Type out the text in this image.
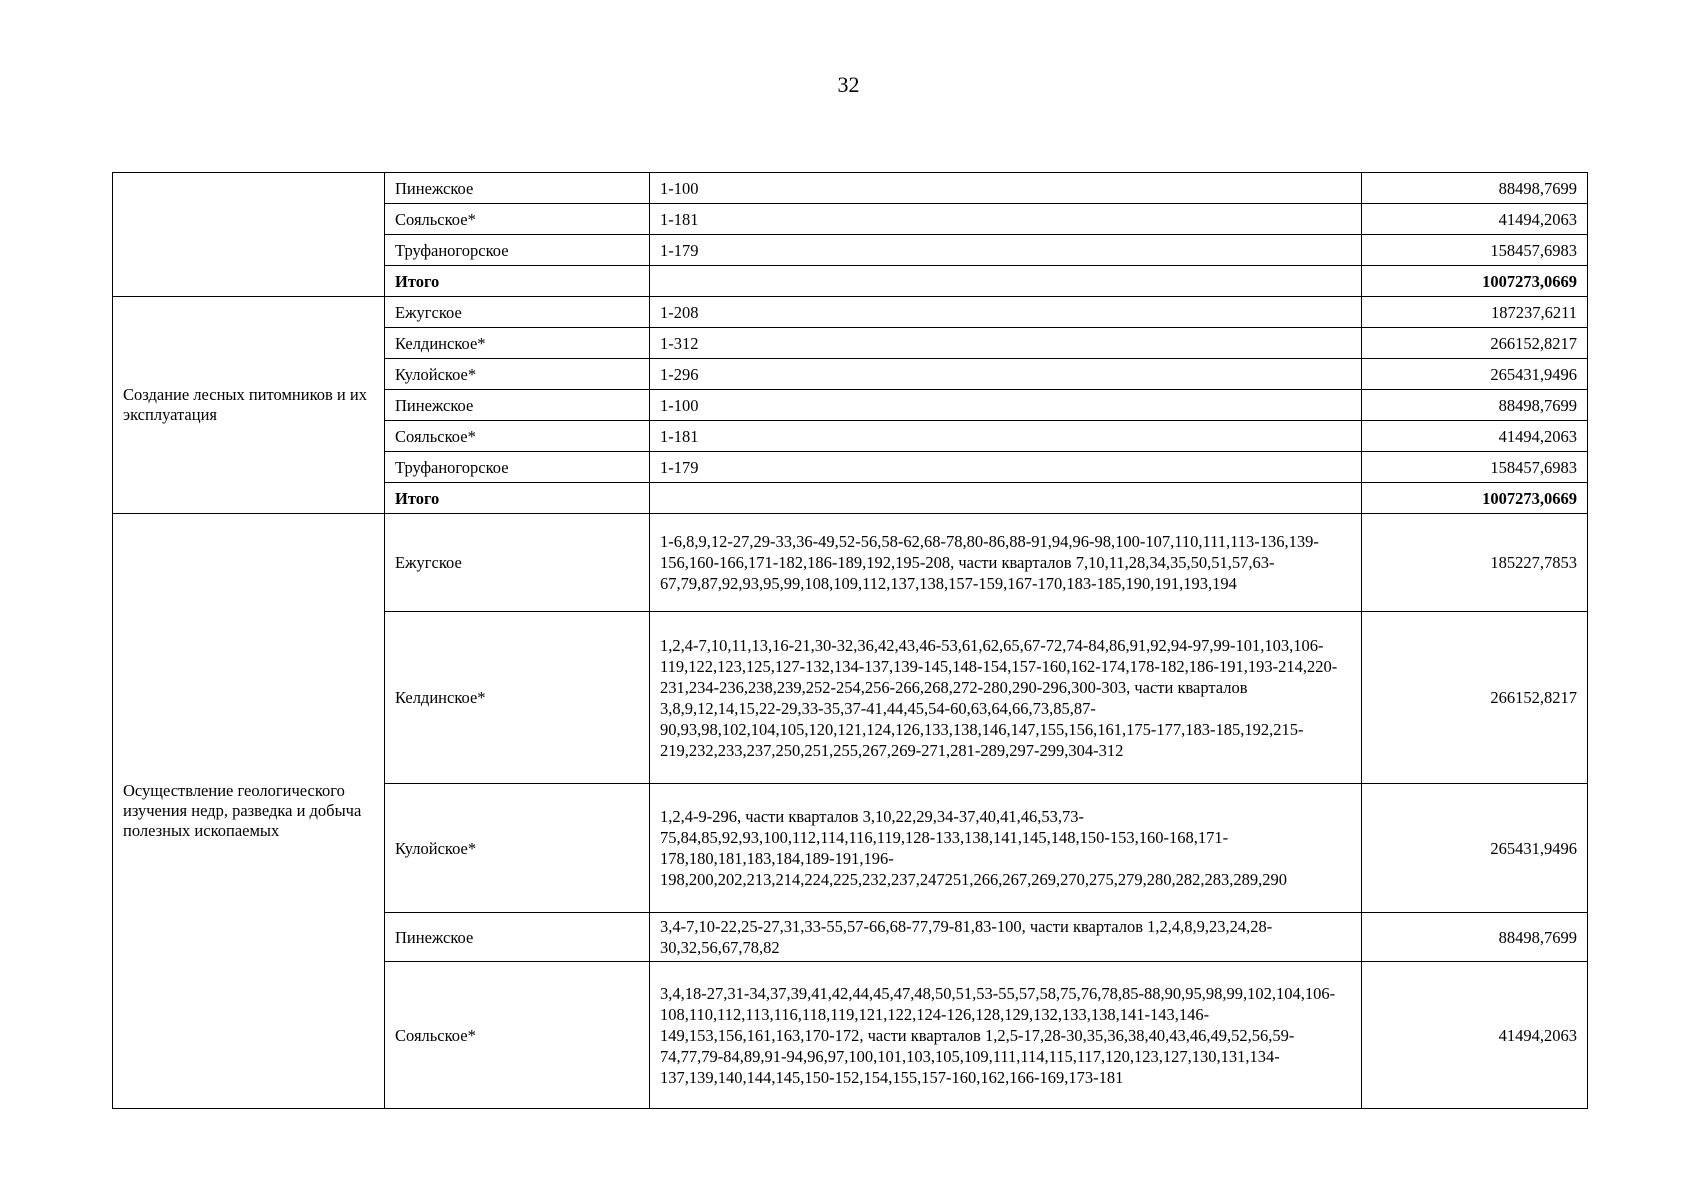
32
	Пинежское	1-100	88498,7699
	Сояльское*	1-181	41494,2063
	Труфаногорское	1-179	158457,6983
	Итого		1007273,0669
Создание лесных питомников и их эксплуатация	Ежугское	1-208	187237,6211
	Келдинское*	1-312	266152,8217
	Кулойское*	1-296	265431,9496
	Пинежское	1-100	88498,7699
	Сояльское*	1-181	41494,2063
	Труфаногорское	1-179	158457,6983
	Итого		1007273,0669
Осуществление геологического изучения недр, разведка и добыча полезных ископаемых	Ежугское	1-6,8,9,12-27,29-33,36-49,52-56,58-62,68-78,80-86,88-91,94,96-98,100-107,110,111,113-136,139-156,160-166,171-182,186-189,192,195-208, части кварталов 7,10,11,28,34,35,50,51,57,63-67,79,87,92,93,95,99,108,109,112,137,138,157-159,167-170,183-185,190,191,193,194	185227,7853
	Келдинское*	1,2,4-7,10,11,13,16-21,30-32,36,42,43,46-53,61,62,65,67-72,74-84,86,91,92,94-97,99-101,103,106-119,122,123,125,127-132,134-137,139-145,148-154,157-160,162-174,178-182,186-191,193-214,220-231,234-236,238,239,252-254,256-266,268,272-280,290-296,300-303, части кварталов 3,8,9,12,14,15,22-29,33-35,37-41,44,45,54-60,63,64,66,73,85,87-90,93,98,102,104,105,120,121,124,126,133,138,146,147,155,156,161,175-177,183-185,192,215-219,232,233,237,250,251,255,267,269-271,281-289,297-299,304-312	266152,8217
	Кулойское*	1,2,4-9-296, части кварталов 3,10,22,29,34-37,40,41,46,53,73-75,84,85,92,93,100,112,114,116,119,128-133,138,141,145,148,150-153,160-168,171-178,180,181,183,184,189-191,196-198,200,202,213,214,224,225,232,237,247251,266,267,269,270,275,279,280,282,283,289,290	265431,9496
	Пинежское	3,4-7,10-22,25-27,31,33-55,57-66,68-77,79-81,83-100, части кварталов 1,2,4,8,9,23,24,28-30,32,56,67,78,82	88498,7699
	Сояльское*	3,4,18-27,31-34,37,39,41,42,44,45,47,48,50,51,53-55,57,58,75,76,78,85-88,90,95,98,99,102,104,106-108,110,112,113,116,118,119,121,122,124-126,128,129,132,133,138,141-143,146-149,153,156,161,163,170-172, части кварталов 1,2,5-17,28-30,35,36,38,40,43,46,49,52,56,59-74,77,79-84,89,91-94,96,97,100,101,103,105,109,111,114,115,117,120,123,127,130,131,134-137,139,140,144,145,150-152,154,155,157-160,162,166-169,173-181	41494,2063
